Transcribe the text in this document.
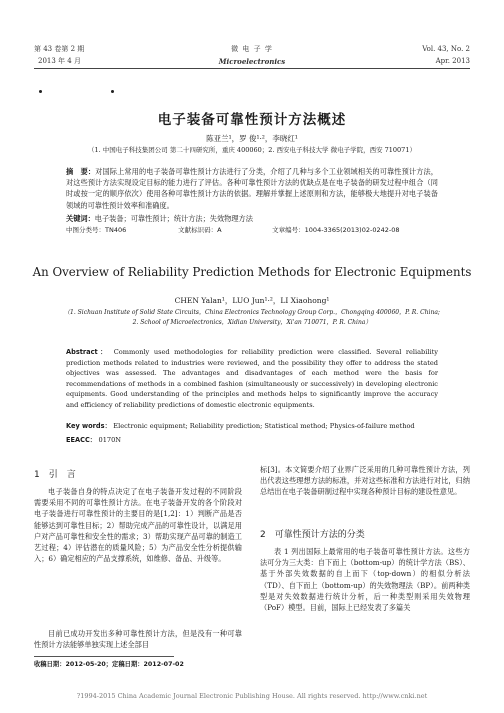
第 43 卷第 2 期
2013 年 4 月
微 电 子 学
Microelectronics
Vol. 43, No. 2
Apr. 2013
电子装备可靠性预计方法概述
陈亚兰¹，罗 俊¹·²，李晓红¹
（1. 中国电子科技集团公司 第二十四研究所，重庆 400060；2. 西安电子科技大学 微电子学院，西安 710071）
摘　要：对国际上常用的电子装备可靠性预计方法进行了分类，介绍了几种与多个工业领域相关的可靠性预计方法，对这些预计方法实现设定目标的能力进行了评估。各种可靠性预计方法的优缺点是在电子装备的研发过程中组合（同时或按一定的顺序依次）使用各种可靠性预计方法的依据。理解并掌握上述原则和方法，能够极大地提升对电子装备领域的可靠性预计效率和准确度。
关键词：电子装备；可靠性预计；统计方法；失效物理方法
中图分类号：TN406	文献标识码：A	文章编号：1004-3365(2013)02-0242-08
An Overview of Reliability Prediction Methods for Electronic Equipments
CHEN Yalan¹，LUO Jun¹·²，LI Xiaohong¹
（1. Sichuan Institute of Solid State Circuits，China Electronics Technology Group Corp.，Chongqing 400060，P. R. China;
2. School of Microelectronics，Xidian University，Xi'an 710071，P. R. China）
Abstract： Commonly used methodologies for reliability prediction were classified. Several reliability prediction methods related to industries were reviewed, and the possibility they offer to address the stated objectives was assessed. The advantages and disadvantages of each method were the basis for recommendations of methods in a combined fashion (simultaneously or successively) in developing electronic equipments. Good understanding of the principles and methods helps to significantly improve the accuracy and efficiency of reliability predictions of domestic electronic equipments.
Key words： Electronic equipment; Reliability prediction; Statistical method; Physics-of-failure method
EEACC： 0170N
1　引　言
电子装备自身的特点决定了在电子装备开发过程的不同阶段需要采用不同的可靠性预计方法。在电子装备开发的各个阶段对电子装备进行可靠性预计的主要目的是[1,2]：1）判断产品是否能够达到可靠性目标；2）帮助完成产品的可靠性设计，以满足用户对产品可靠性和安全性的需求；3）帮助实现产品可靠的制造工艺过程；4）评估潜在的质量风险；5）为产品安全性分析提供输入；6）确定相应的产品支撑系统，如维修、备品、升级等。
目前已成功开发出多种可靠性预计方法，但是没有一种可靠性预计方法能够单独实现上述全部目
收稿日期：2012-05-20；定稿日期：2012-07-02
标[3]。本文简要介绍了业界广泛采用的几种可靠性预计方法，列出代表这些理想方法的标准，并对这些标准和方法进行对比，归纳总结出在电子装备研制过程中实现各种预计目标的建设性意见。
2　可靠性预计方法的分类
表 1 列出国际上最常用的电子装备可靠性预计方法。这些方法可分为三大类：自下而上（bottom-up）的统计学方法（BS）、基于外部失效数据的自上而下（top-down）的相似分析法（TD）、自下而上（bottom-up）的失效物理法（BP）。前两种类型是对失效数据进行统计分析，后一种类型则采用失效物理（PoF）模型。目前，国际上已经发表了多篇关
?1994-2015 China Academic Journal Electronic Publishing House. All rights reserved. http://www.cnki.net
